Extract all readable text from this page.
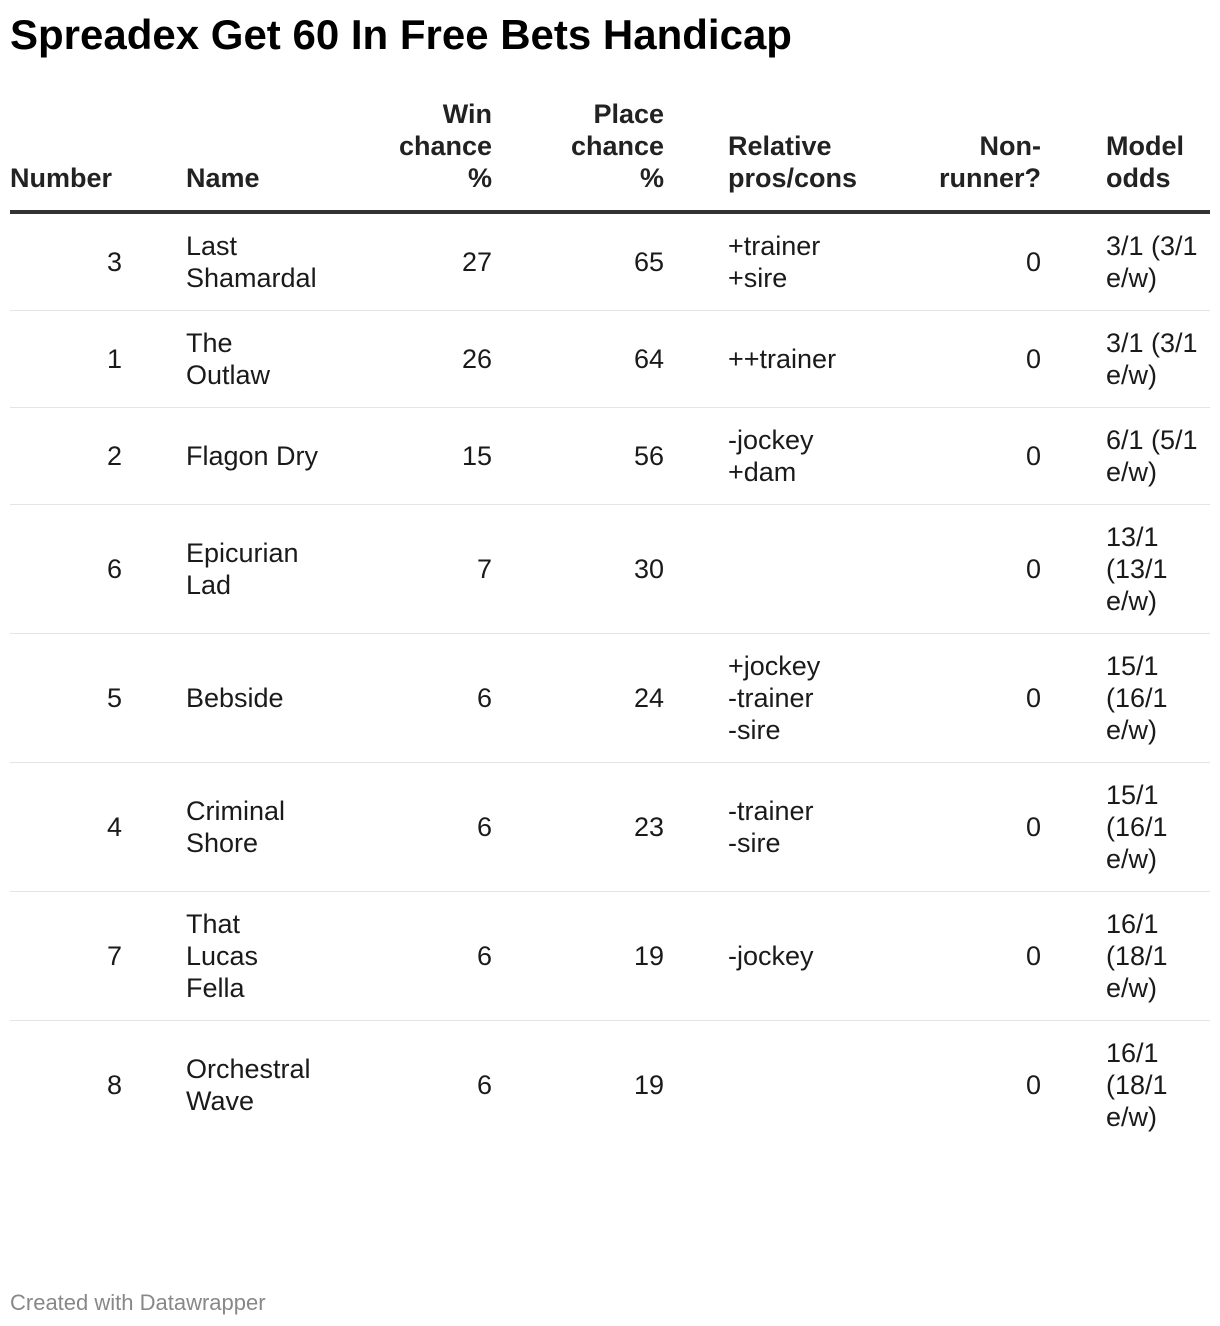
Spreadex Get 60 In Free Bets Handicap
Number		Name	Win
chance
%	Place
chance
%		Relative
pros/cons	Non-
runner?		Model
odds
3		Last
Shamardal	27	65		+trainer
+sire	0		3/1 (3/1
e/w)
1		The
Outlaw	26	64		++trainer	0		3/1 (3/1
e/w)
2		Flagon Dry	15	56		-jockey
+dam	0		6/1 (5/1
e/w)
6		Epicurian
Lad	7	30			0		13/1
(13/1
e/w)
5		Bebside	6	24		+jockey
-trainer
-sire	0		15/1
(16/1
e/w)
4		Criminal
Shore	6	23		-trainer
-sire	0		15/1
(16/1
e/w)
7		That
Lucas
Fella	6	19		-jockey	0		16/1
(18/1
e/w)
8		Orchestral
Wave	6	19			0		16/1
(18/1
e/w)
Created with Datawrapper
